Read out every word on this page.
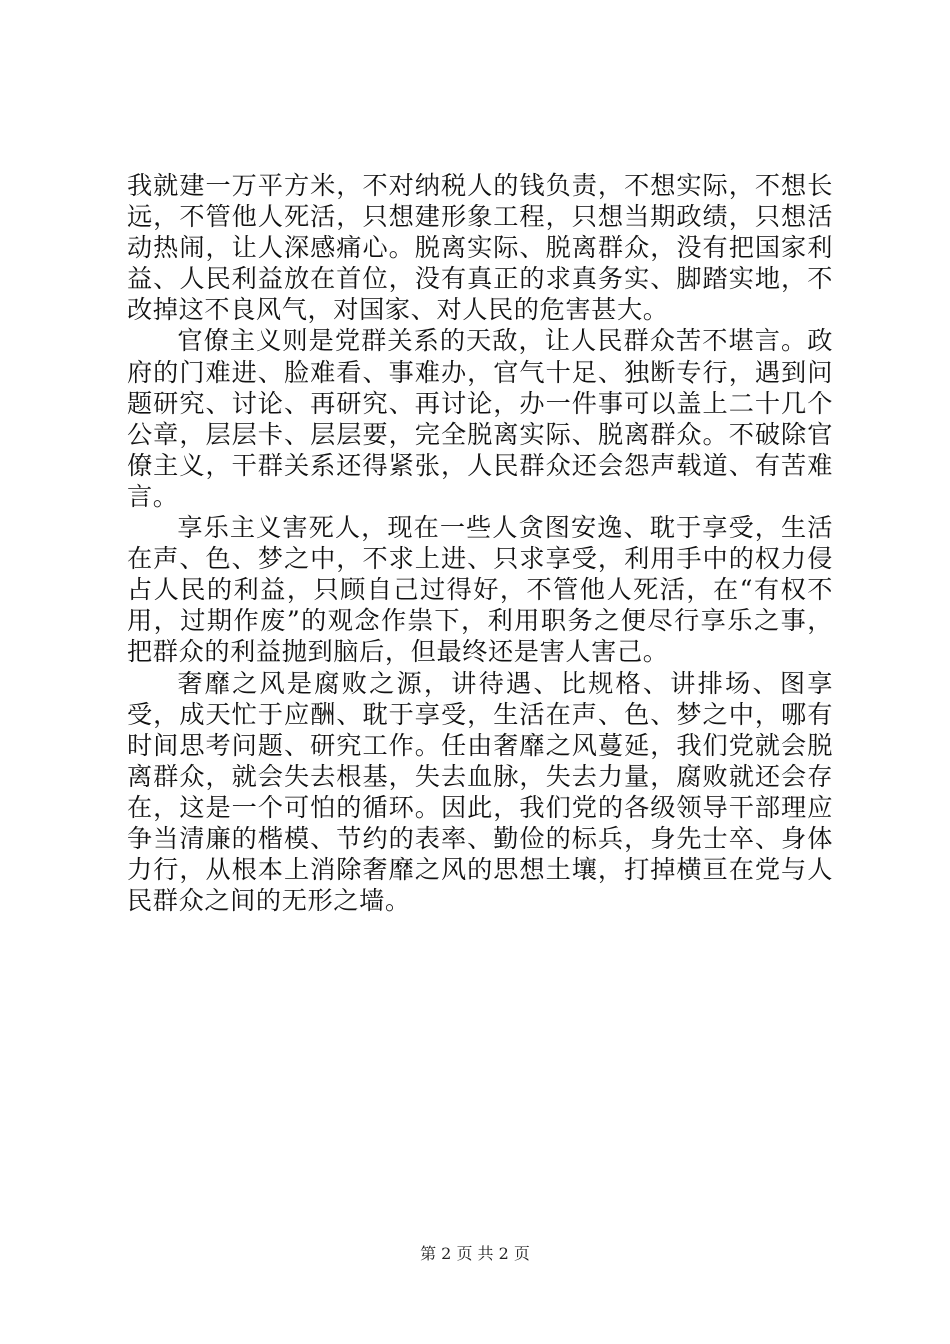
我就建一万平方米，不对纳税人的钱负责，不想实际，不想长远，不管他人死活，只想建形象工程，只想当期政绩，只想活动热闹，让人深感痛心。脱离实际、脱离群众，没有把国家利益、人民利益放在首位，没有真正的求真务实、脚踏实地，不改掉这不良风气，对国家、对人民的危害甚大。

官僚主义则是党群关系的天敌，让人民群众苦不堪言。政府的门难进、脸难看、事难办，官气十足、独断专行，遇到问题研究、讨论、再研究、再讨论，办一件事可以盖上二十几个公章，层层卡、层层要，完全脱离实际、脱离群众。不破除官僚主义，干群关系还得紧张，人民群众还会怨声载道、有苦难言。

享乐主义害死人，现在一些人贪图安逸、耽于享受，生活在声、色、梦之中，不求上进、只求享受，利用手中的权力侵占人民的利益，只顾自己过得好，不管他人死活，在“有权不用，过期作废”的观念作祟下，利用职务之便尽行享乐之事，把群众的利益抛到脑后，但最终还是害人害己。

奢靡之风是腐败之源，讲待遇、比规格、讲排场、图享受，成天忙于应酬、耽于享受，生活在声、色、梦之中，哪有时间思考问题、研究工作。任由奢靡之风蔓延，我们党就会脱离群众，就会失去根基，失去血脉，失去力量，腐败就还会存在，这是一个可怕的循环。因此，我们党的各级领导干部理应争当清廉的楷模、节约的表率、勤俭的标兵，身先士卒、身体力行，从根本上消除奢靡之风的思想土壤，打掉横亘在党与人民群众之间的无形之墙。

第 2 页 共 2 页
